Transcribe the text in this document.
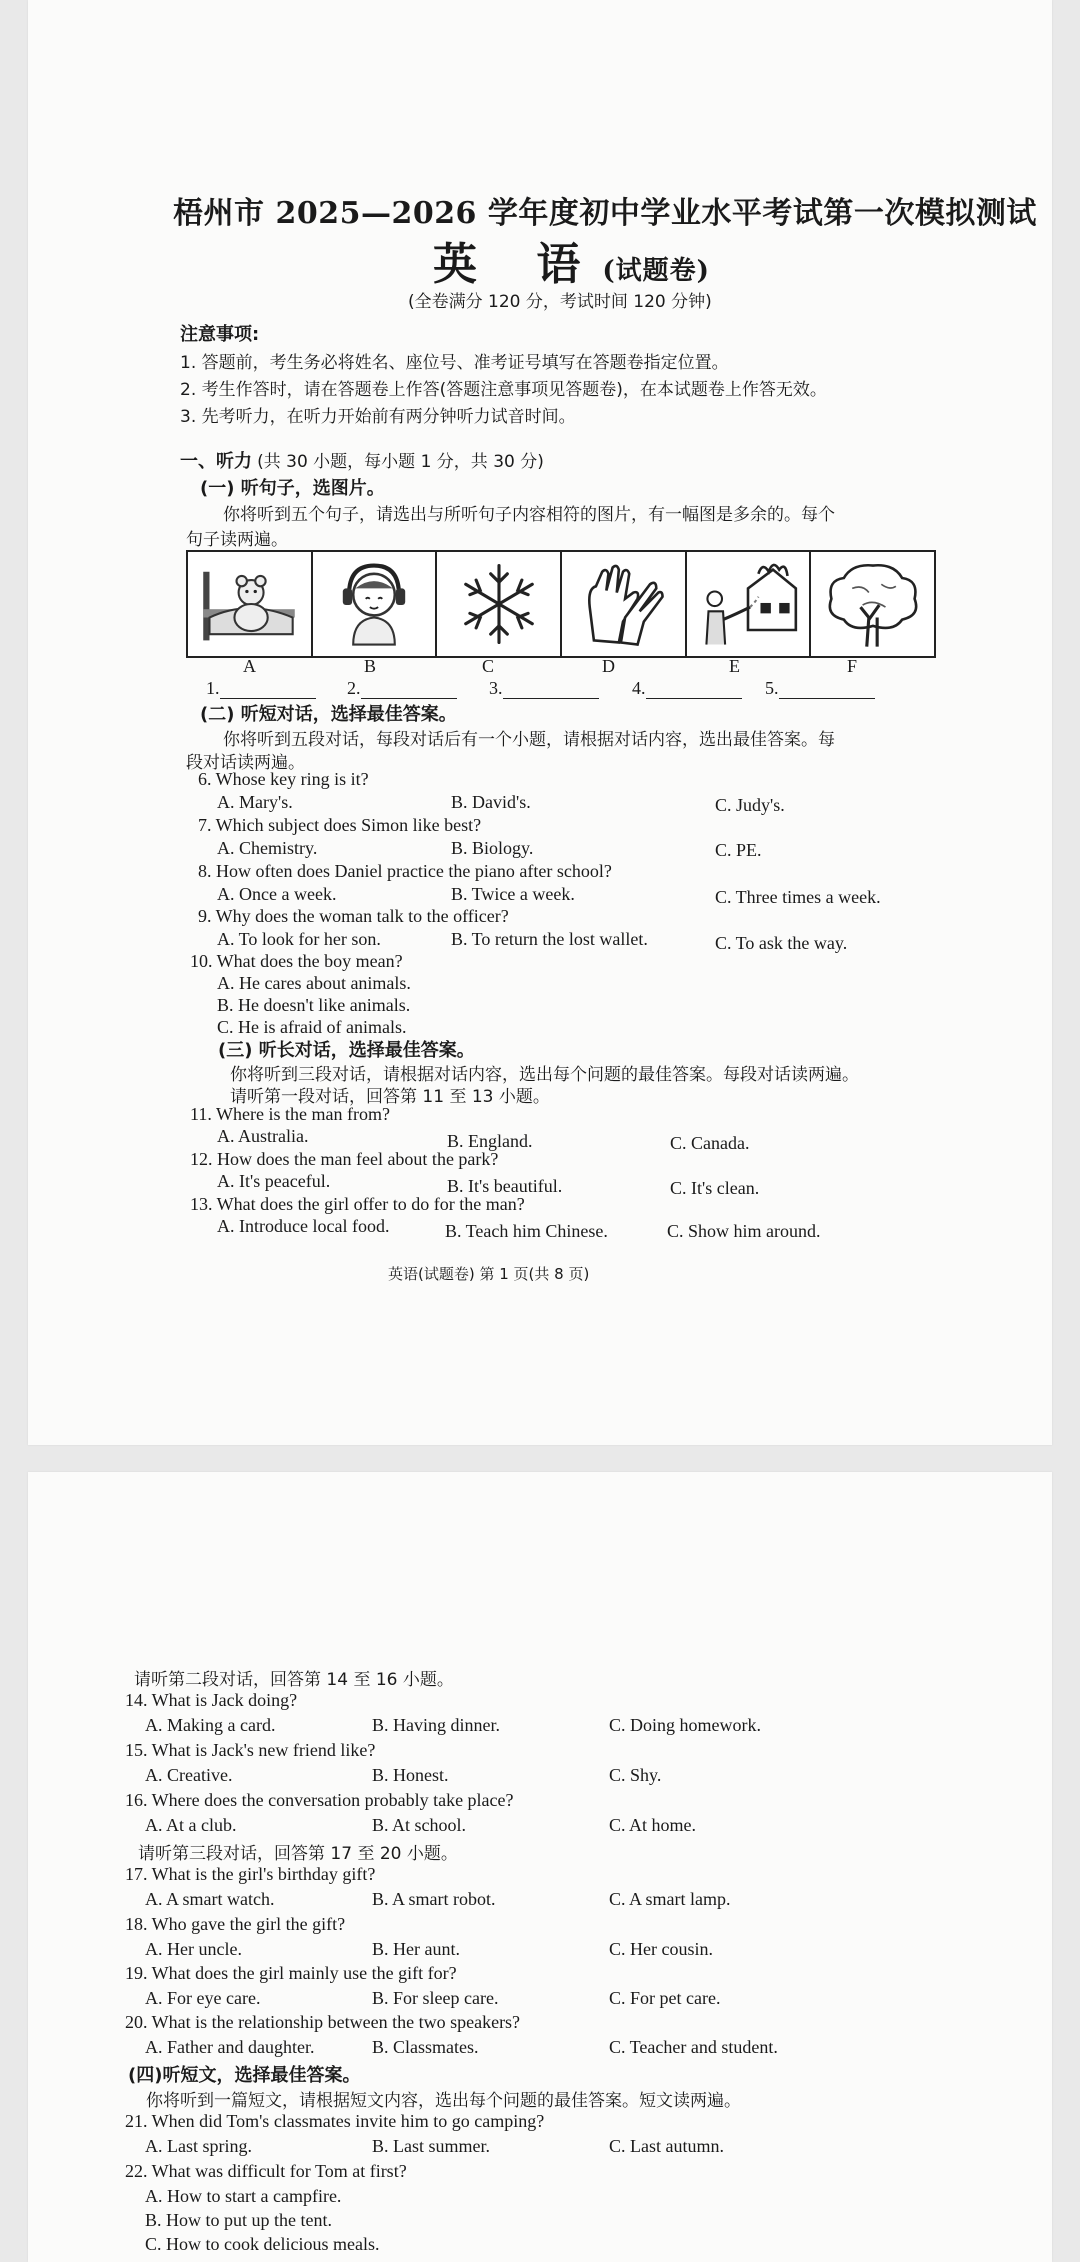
梧州市 2025—2026 学年度初中学业水平考试第一次模拟测试
英 语(试题卷)
(全卷满分 120 分，考试时间 120 分钟)
注意事项:
1. 答题前，考生务必将姓名、座位号、准考证号填写在答题卷指定位置。
2. 考生作答时，请在答题卷上作答(答题注意事项见答题卷)，在本试题卷上作答无效。
3. 先考听力，在听力开始前有两分钟听力试音时间。
一、听力 (共 30 小题，每小题 1 分，共 30 分)
(一) 听句子，选图片。
你将听到五个句子，请选出与所听句子内容相符的图片，有一幅图是多余的。每个
句子读两遍。
A	B	C	D	E	F
1.	2.	3.	4.	5.
(二) 听短对话，选择最佳答案。
你将听到五段对话，每段对话后有一个小题，请根据对话内容，选出最佳答案。每
段对话读两遍。
6. Whose key ring is it?
A. Mary's.	B. David's.	C. Judy's.
7. Which subject does Simon like best?
A. Chemistry.	B. Biology.	C. PE.
8. How often does Daniel practice the piano after school?
A. Once a week.	B. Twice a week.	C. Three times a week.
9. Why does the woman talk to the officer?
A. To look for her son.	B. To return the lost wallet.	C. To ask the way.
10. What does the boy mean?
A. He cares about animals.
B. He doesn't like animals.
C. He is afraid of animals.
(三) 听长对话，选择最佳答案。
你将听到三段对话，请根据对话内容，选出每个问题的最佳答案。每段对话读两遍。
请听第一段对话，回答第 11 至 13 小题。
11. Where is the man from?
A. Australia.	B. England.	C. Canada.
12. How does the man feel about the park?
A. It's peaceful.	B. It's beautiful.	C. It's clean.
13. What does the girl offer to do for the man?
A. Introduce local food.	B. Teach him Chinese.	C. Show him around.
英语(试题卷) 第 1 页(共 8 页)
请听第二段对话，回答第 14 至 16 小题。
14. What is Jack doing?
A. Making a card.	B. Having dinner.	C. Doing homework.
15. What is Jack's new friend like?
A. Creative.	B. Honest.	C. Shy.
16. Where does the conversation probably take place?
A. At a club.	B. At school.	C. At home.
请听第三段对话，回答第 17 至 20 小题。
17. What is the girl's birthday gift?
A. A smart watch.	B. A smart robot.	C. A smart lamp.
18. Who gave the girl the gift?
A. Her uncle.	B. Her aunt.	C. Her cousin.
19. What does the girl mainly use the gift for?
A. For eye care.	B. For sleep care.	C. For pet care.
20. What is the relationship between the two speakers?
A. Father and daughter.	B. Classmates.	C. Teacher and student.
(四)听短文，选择最佳答案。
你将听到一篇短文，请根据短文内容，选出每个问题的最佳答案。短文读两遍。
21. When did Tom's classmates invite him to go camping?
A. Last spring.	B. Last summer.	C. Last autumn.
22. What was difficult for Tom at first?
A. How to start a campfire.
B. How to put up the tent.
C. How to cook delicious meals.
